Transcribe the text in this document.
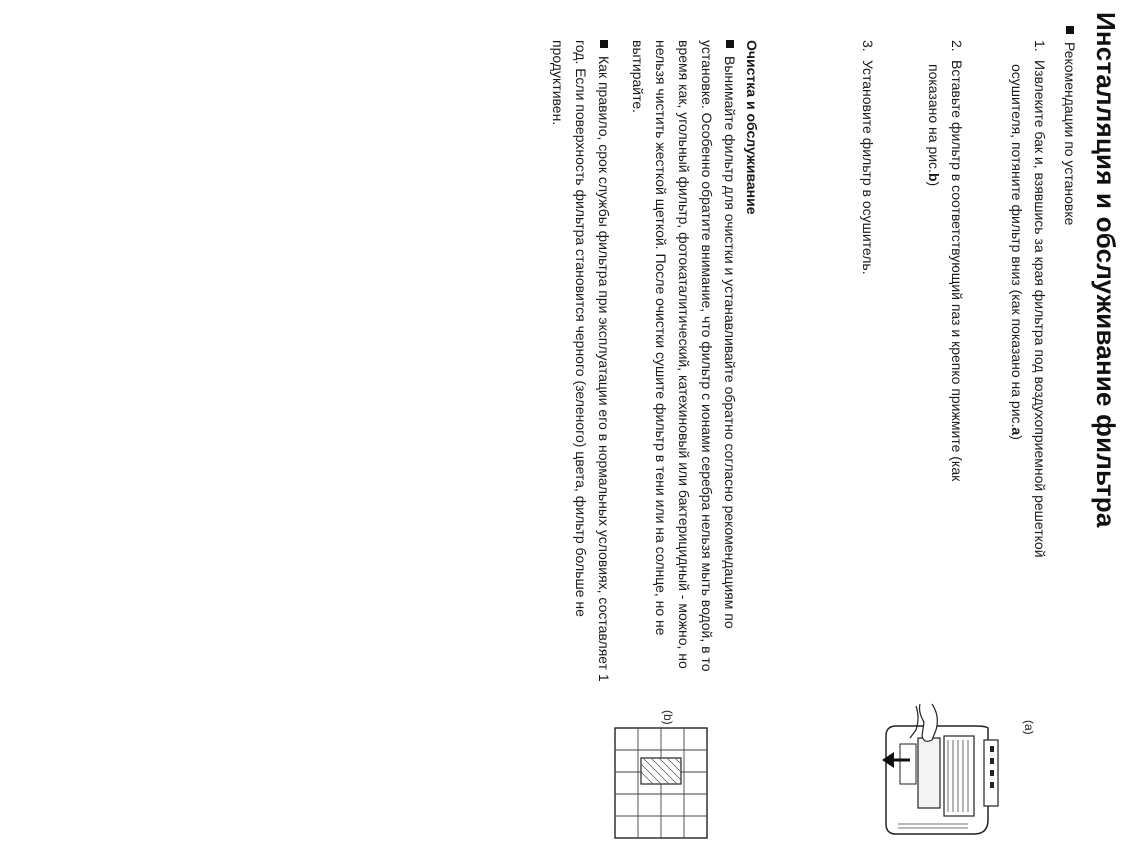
Инсталляция и обслуживание фильтра
Рекомендации по установке
1.Извлеките бак и, взявшись за края фильтра под воздухоприемной решеткой
осушителя, потяните фильтр вниз (как показано на рис.a)
2.Вставьте фильтр в соответствующий паз и крепко прижмите (как
показано на рис.b)
3.Установите фильтр в осушитель.
(a)
(b)
Очистка и обслуживание
Вынимайте фильтр для очистки и устанавливайте обратно согласно рекомендациям по
установке. Особенно обратите внимание, что фильтр с ионами серебра нельзя мыть водой, в то
время как, угольный фильтр, фотокаталитический, катехиновый или бактерицидный - можно, но
нельзя чистить жесткой щеткой. После очистки сушите фильтр в тени или на солнце, но не
вытирайте.
Как правило, срок службы фильтра при эксплуатации его в нормальных условиях, составляет 1
год. Если поверхность фильтра становится черного (зеленого) цвета, фильтр больше не
продуктивен.
